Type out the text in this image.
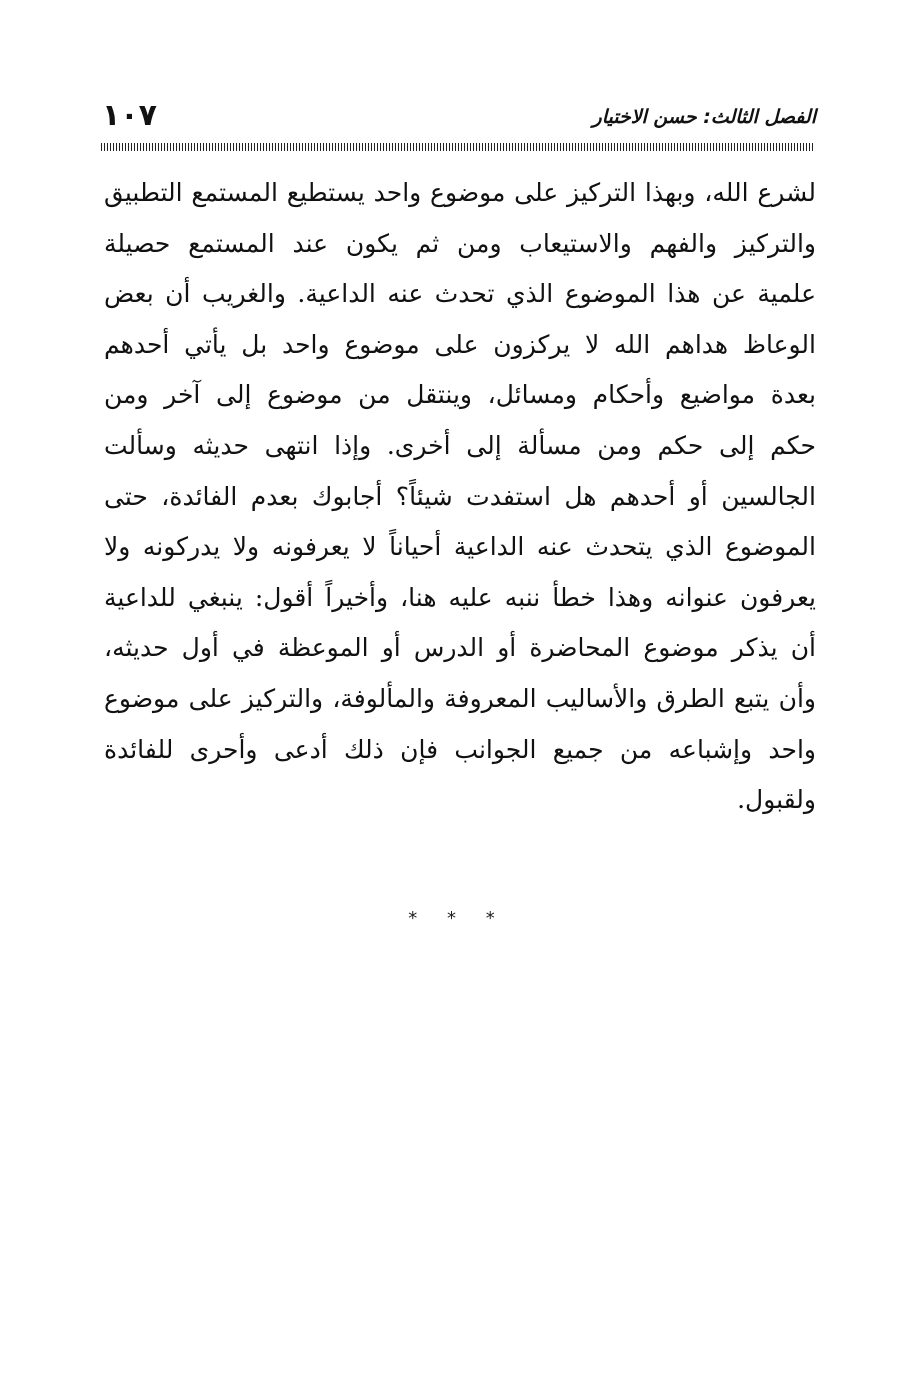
١٠٧	الفصل الثالث: حسن الاختيار
لشرع الله، وبهذا التركيز على موضوع واحد يستطيع المستمع التطبيق
والتركيز والفهم والاستيعاب ومن ثم يكون عند المستمع حصيلة
علمية عن هذا الموضوع الذي تحدث عنه الداعية. والغريب أن بعض
الوعاظ هداهم الله لا يركزون على موضوع واحد بل يأتي أحدهم
بعدة مواضيع وأحكام ومسائل، وينتقل من موضوع إلى آخر ومن
حكم إلى حكم ومن مسألة إلى أخرى. وإذا انتهى حديثه وسألت
الجالسين أو أحدهم هل استفدت شيئاً؟ أجابوك بعدم الفائدة، حتى
الموضوع الذي يتحدث عنه الداعية أحياناً لا يعرفونه ولا يدركونه ولا
يعرفون عنوانه وهذا خطأ ننبه عليه هنا، وأخيراً أقول: ينبغي للداعية
أن يذكر موضوع المحاضرة أو الدرس أو الموعظة في أول حديثه،
وأن يتبع الطرق والأساليب المعروفة والمألوفة، والتركيز على موضوع
واحد وإشباعه من جميع الجوانب فإن ذلك أدعى وأحرى للفائدة
ولقبول.
* * *
